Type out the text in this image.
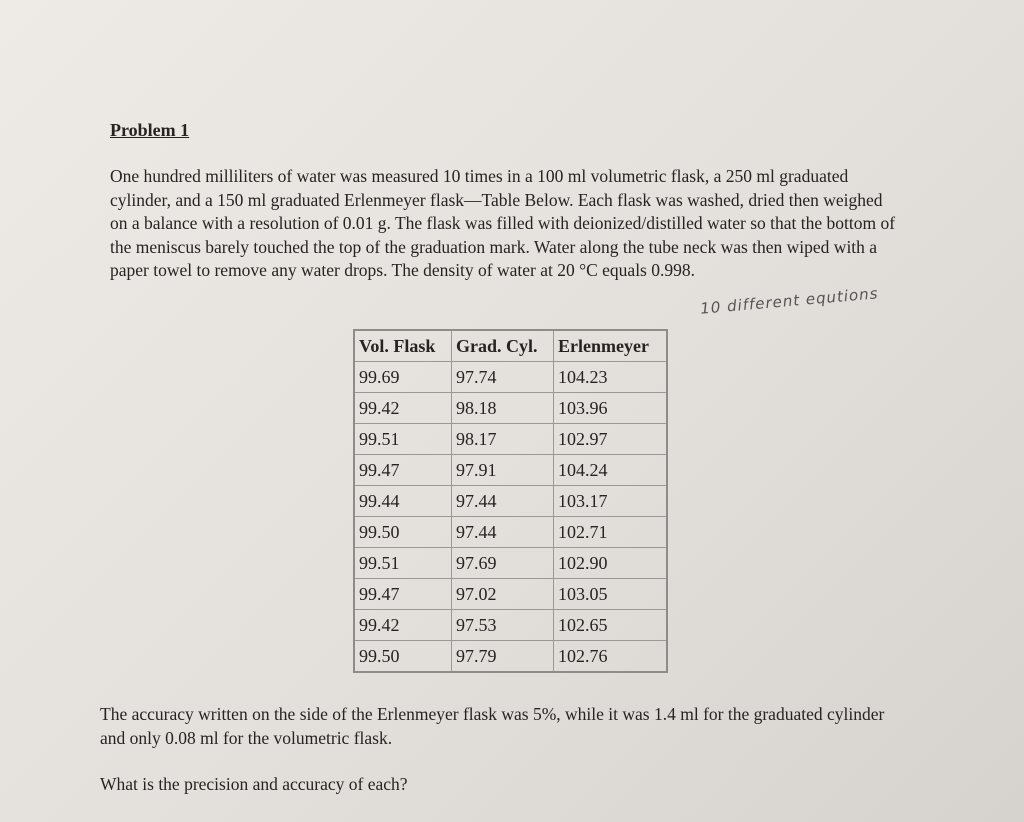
Problem 1
One hundred milliliters of water was measured 10 times in a 100 ml volumetric flask, a 250 ml graduated cylinder, and a 150 ml graduated Erlenmeyer flask—Table Below. Each flask was washed, dried then weighed on a balance with a resolution of 0.01 g. The flask was filled with deionized/distilled water so that the bottom of the meniscus barely touched the top of the graduation mark. Water along the tube neck was then wiped with a paper towel to remove any water drops. The density of water at 20 °C equals 0.998.
10 different equtions
Vol. Flask	Grad. Cyl.	Erlenmeyer
99.69	97.74	104.23
99.42	98.18	103.96
99.51	98.17	102.97
99.47	97.91	104.24
99.44	97.44	103.17
99.50	97.44	102.71
99.51	97.69	102.90
99.47	97.02	103.05
99.42	97.53	102.65
99.50	97.79	102.76
The accuracy written on the side of the Erlenmeyer flask was 5%, while it was 1.4 ml for the graduated cylinder and only 0.08 ml for the volumetric flask.
What is the precision and accuracy of each?
